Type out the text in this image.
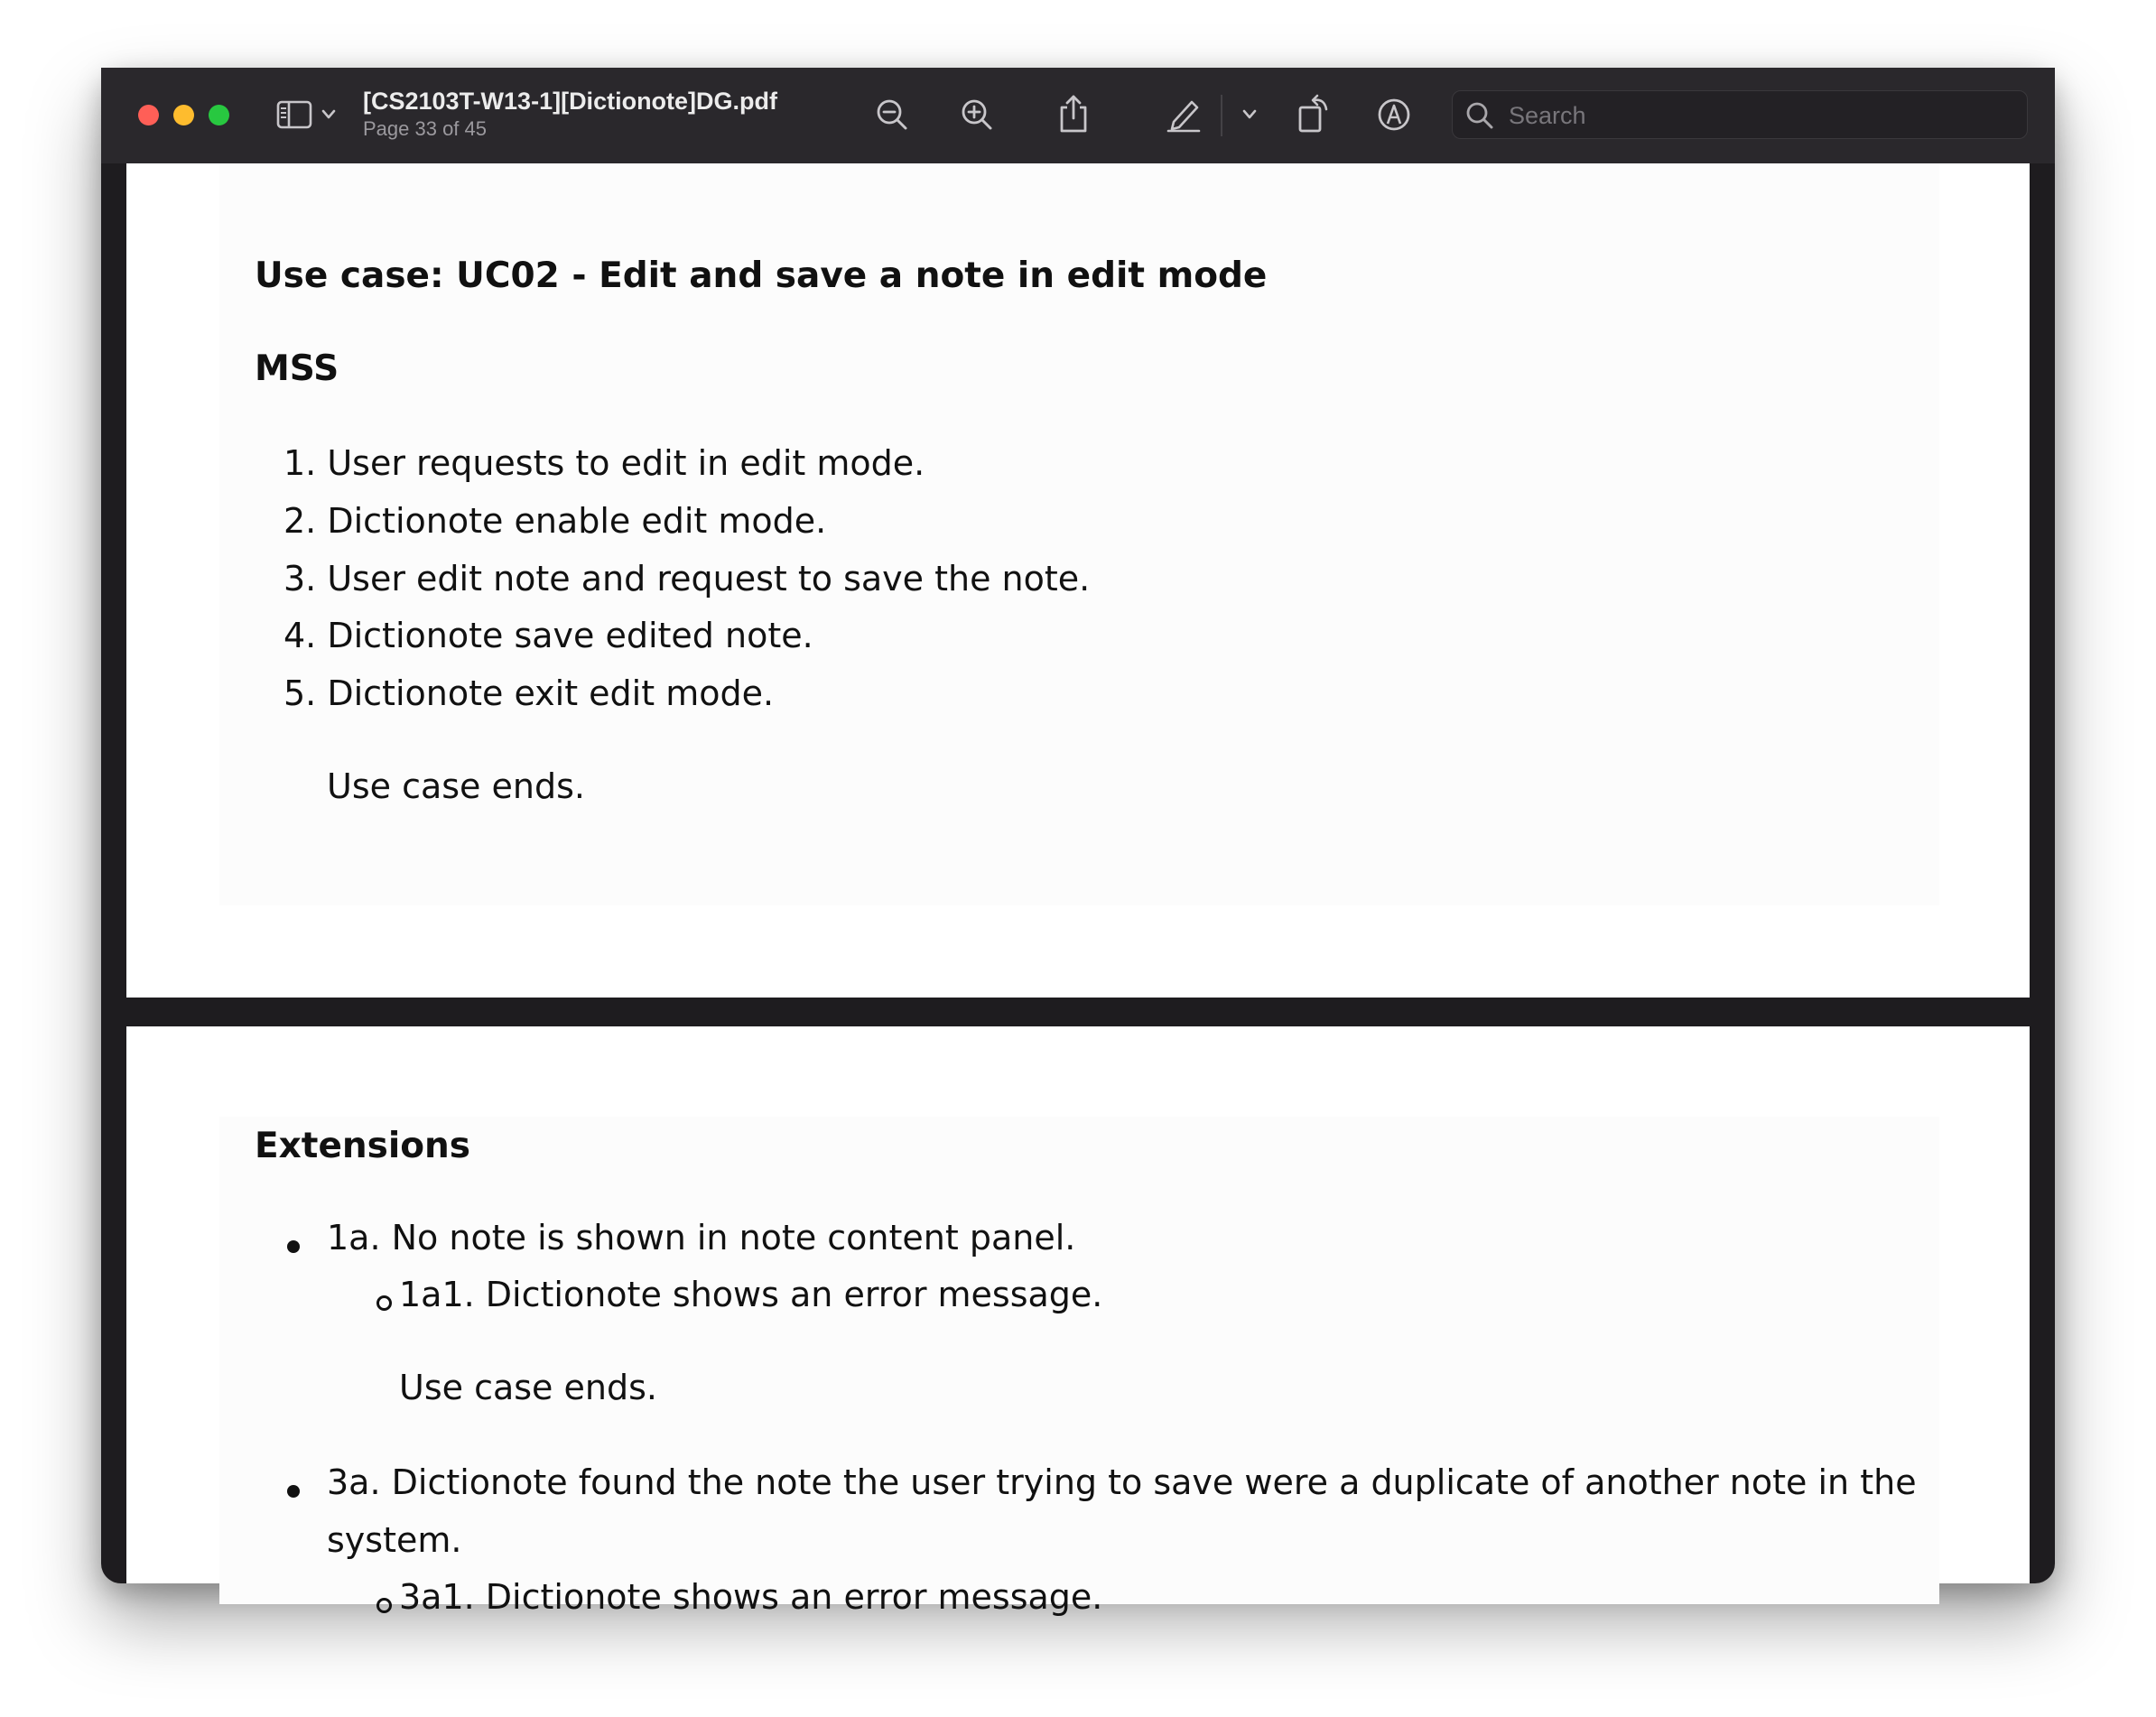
[CS2103T-W13-1][Dictionote]DG.pdf
Page 33 of 45
Search
Use case: UC02 - Edit and save a note in edit mode
MSS
1. User requests to edit in edit mode.
2. Dictionote enable edit mode.
3. User edit note and request to save the note.
4. Dictionote save edited note.
5. Dictionote exit edit mode.
Use case ends.
Extensions
1a. No note is shown in note content panel.
1a1. Dictionote shows an error message.
Use case ends.
3a. Dictionote found the note the user trying to save were a duplicate of another note in the
system.
3a1. Dictionote shows an error message.
